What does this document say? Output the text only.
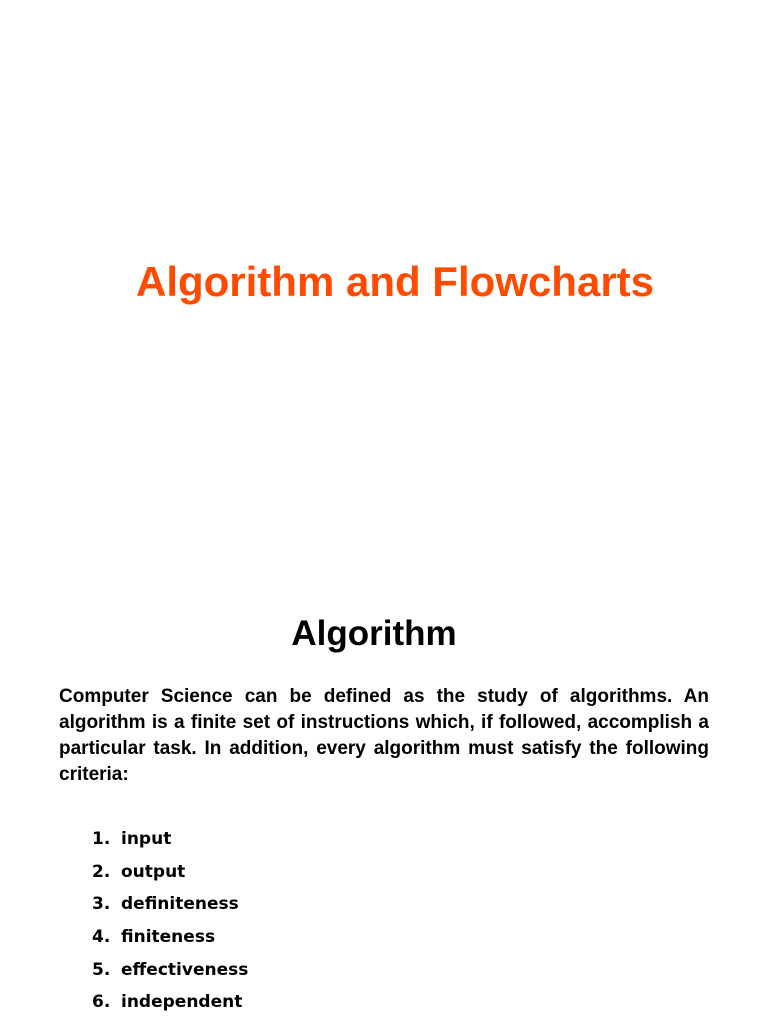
Algorithm and Flowcharts
Algorithm

Computer Science can be defined as the study of algorithms. An algorithm is a finite set of instructions which, if followed, accomplish a particular task. In addition, every algorithm must satisfy the following criteria:

1. input
2. output
3. definiteness
4. finiteness
5. effectiveness
6. independent
